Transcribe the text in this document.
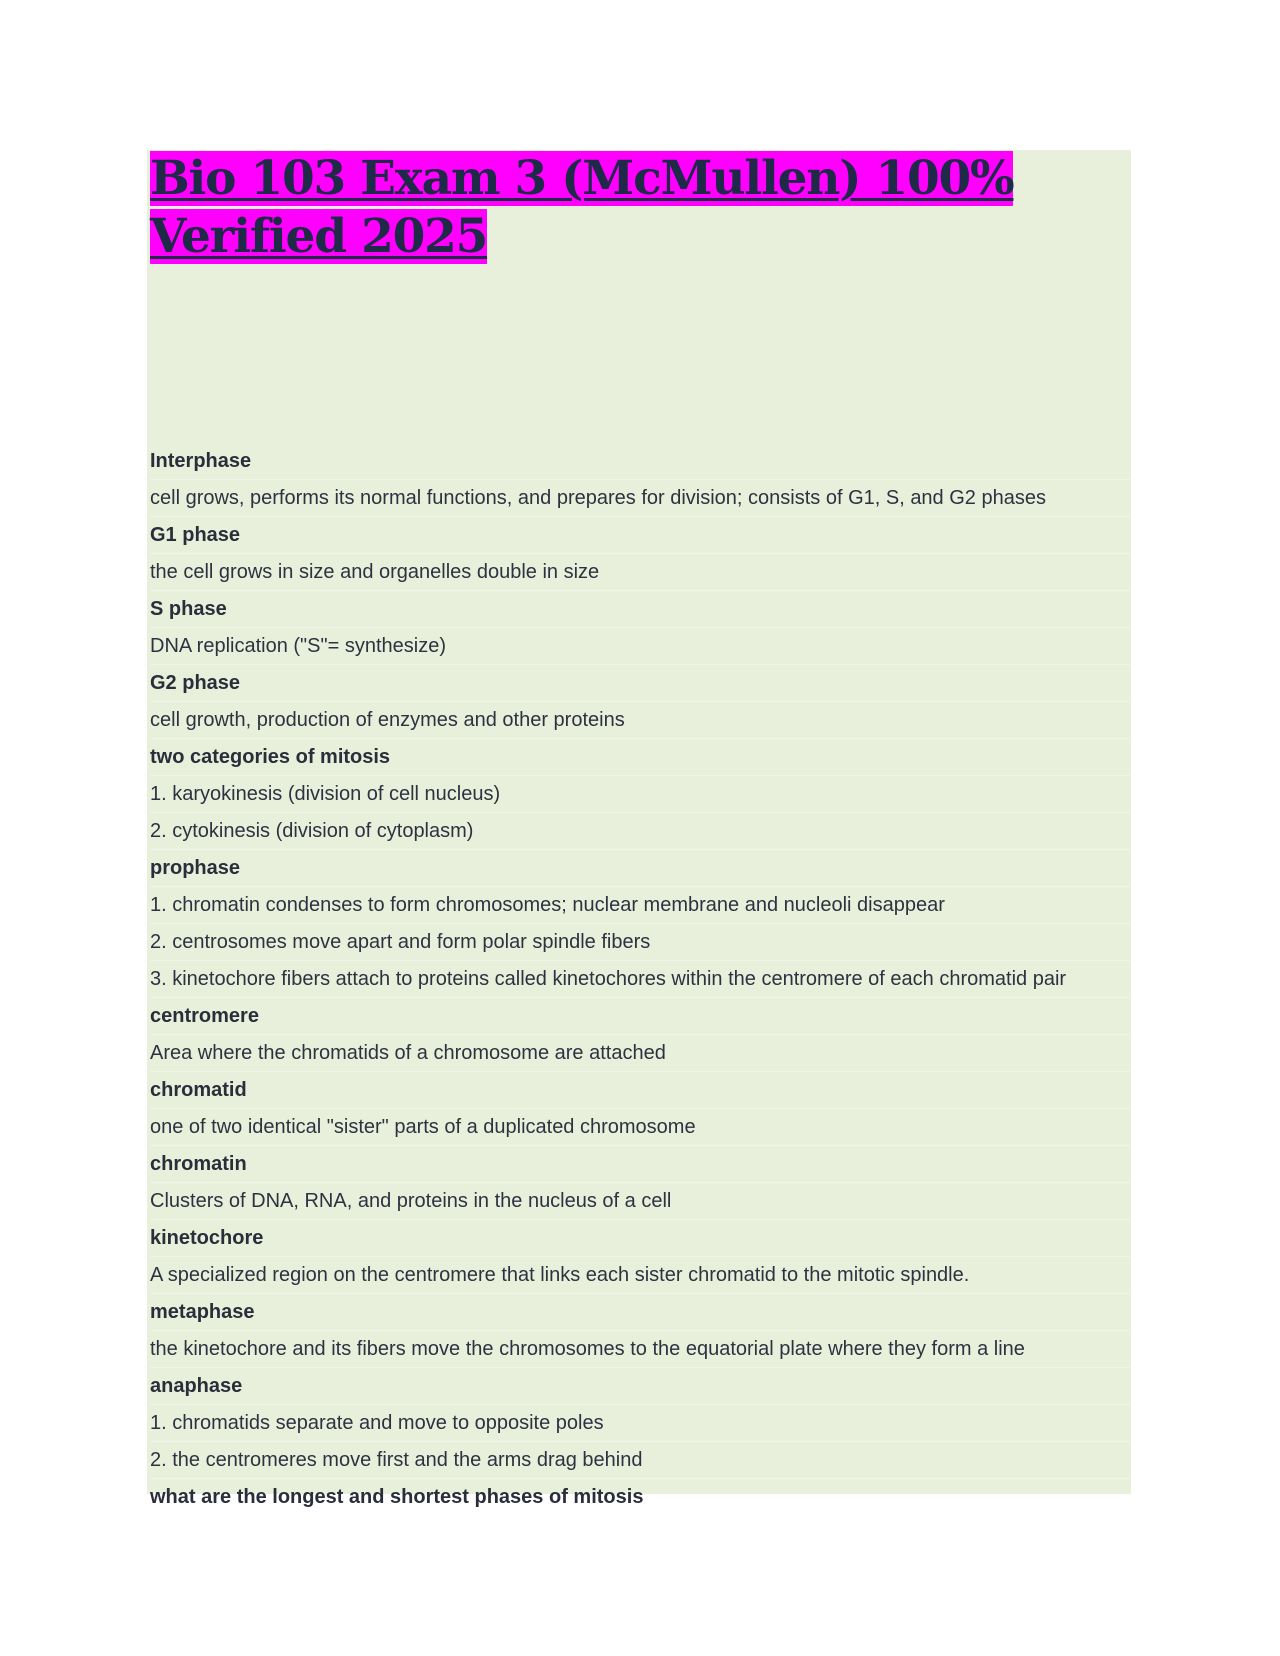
Bio 103 Exam 3 (McMullen) 100% Verified 2025
Interphase
cell grows, performs its normal functions, and prepares for division; consists of G1, S, and G2 phases
G1 phase
the cell grows in size and organelles double in size
S phase
DNA replication ("S"= synthesize)
G2 phase
cell growth, production of enzymes and other proteins
two categories of mitosis
1. karyokinesis (division of cell nucleus)
2. cytokinesis (division of cytoplasm)
prophase
1. chromatin condenses to form chromosomes; nuclear membrane and nucleoli disappear
2. centrosomes move apart and form polar spindle fibers
3. kinetochore fibers attach to proteins called kinetochores within the centromere of each chromatid pair
centromere
Area where the chromatids of a chromosome are attached
chromatid
one of two identical "sister" parts of a duplicated chromosome
chromatin
Clusters of DNA, RNA, and proteins in the nucleus of a cell
kinetochore
A specialized region on the centromere that links each sister chromatid to the mitotic spindle.
metaphase
the kinetochore and its fibers move the chromosomes to the equatorial plate where they form a line
anaphase
1. chromatids separate and move to opposite poles
2. the centromeres move first and the arms drag behind
what are the longest and shortest phases of mitosis
